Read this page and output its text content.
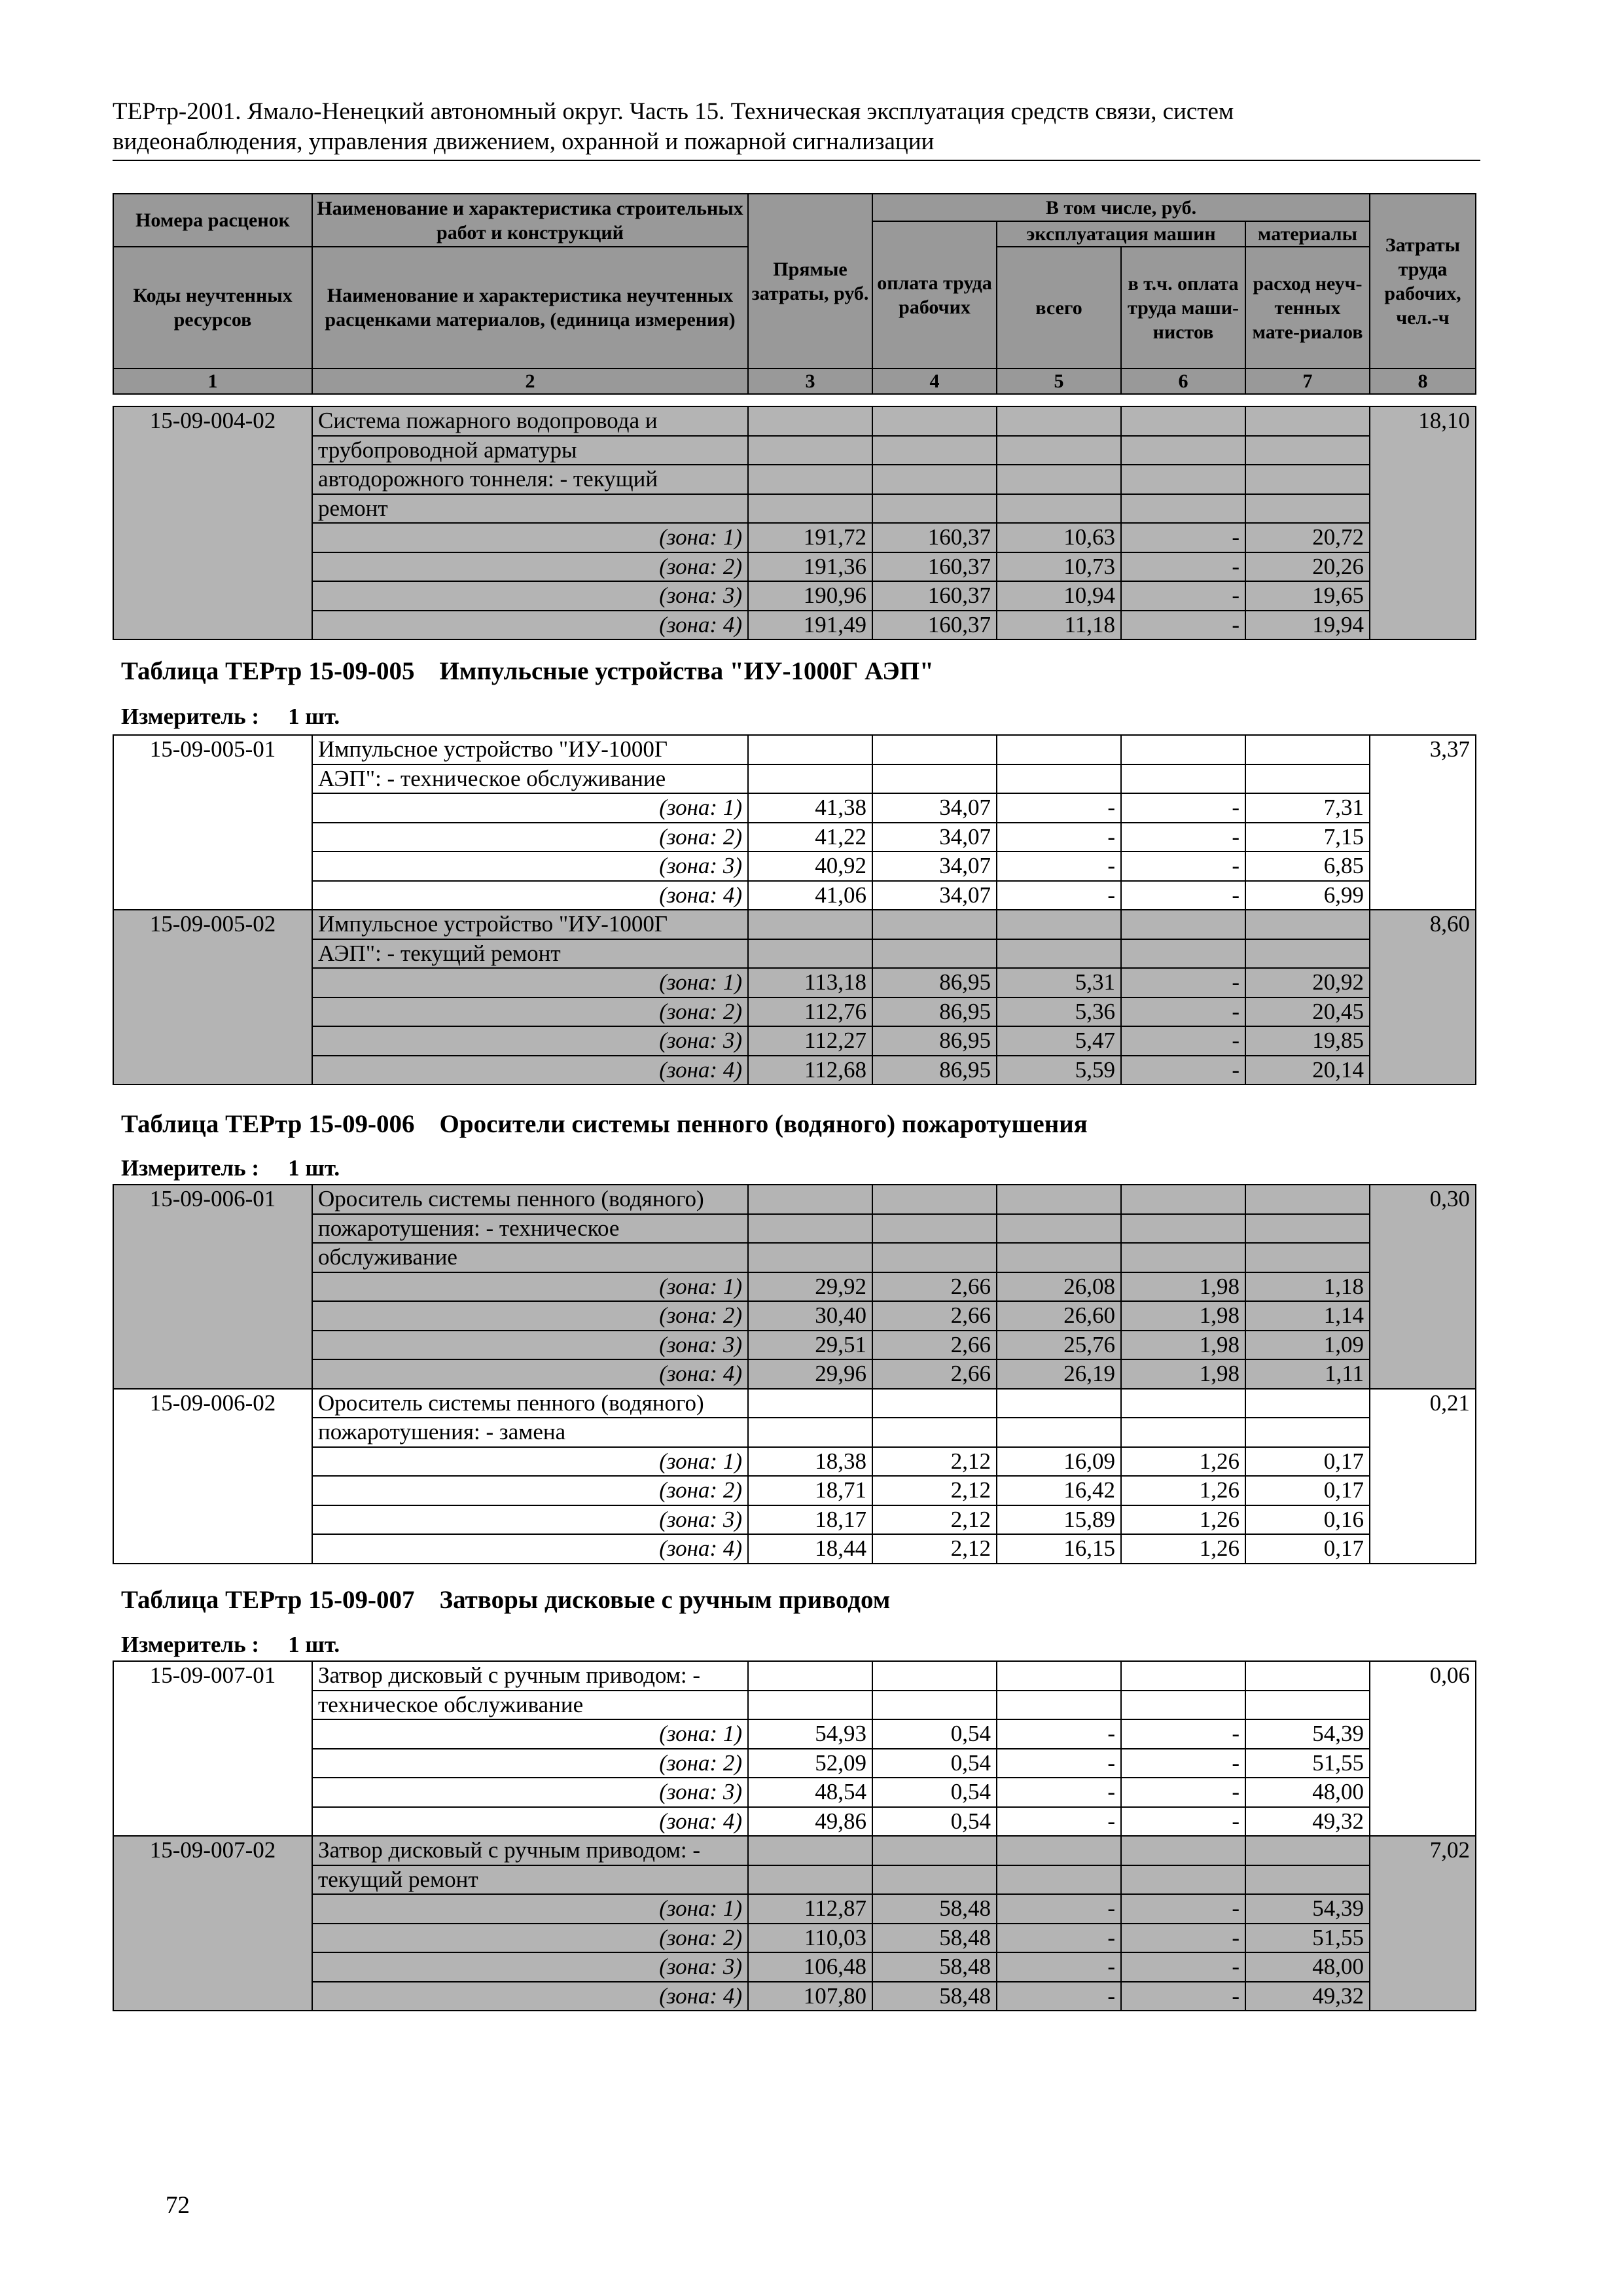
ТЕРтр-2001. Ямало-Ненецкий автономный округ. Часть 15. Техническая эксплуатация средств связи, систем
видеонаблюдения, управления движением, охранной и пожарной сигнализации
Номера расценок	Наименование и характеристика строительных работ и конструкций	Прямые затраты, руб.	В том числе, руб.				Затраты труда рабочих, чел.-ч
			оплата труда рабочих	эксплуатация машин		материалы	
Коды неучтенных ресурсов	Наименование и характеристика неучтенных расценками материалов, (единица измерения)			всего	в т.ч. оплата труда маши-нистов	расход неуч-тенных мате-риалов	

1	2	3	4	5	6	7	8
15-09-004-02	Система пожарного водопровода и						18,10
	трубопроводной арматуры						
	автодорожного тоннеля: - текущий						
	ремонт						
	(зона: 1)	191,72	160,37	10,63	-	20,72	
	(зона: 2)	191,36	160,37	10,73	-	20,26	
	(зона: 3)	190,96	160,37	10,94	-	19,65	
	(зона: 4)	191,49	160,37	11,18	-	19,94	
Таблица ТЕРтр 15-09-005 Импульсные устройства "ИУ-1000Г АЭП"
Измеритель : 1 шт.
15-09-005-01	Импульсное устройство "ИУ-1000Г						3,37
	АЭП": - техническое обслуживание						
	(зона: 1)	41,38	34,07	-	-	7,31	
	(зона: 2)	41,22	34,07	-	-	7,15	
	(зона: 3)	40,92	34,07	-	-	6,85	
	(зона: 4)	41,06	34,07	-	-	6,99	
15-09-005-02	Импульсное устройство "ИУ-1000Г						8,60
	АЭП": - текущий ремонт						
	(зона: 1)	113,18	86,95	5,31	-	20,92	
	(зона: 2)	112,76	86,95	5,36	-	20,45	
	(зона: 3)	112,27	86,95	5,47	-	19,85	
	(зона: 4)	112,68	86,95	5,59	-	20,14	
Таблица ТЕРтр 15-09-006 Оросители системы пенного (водяного) пожаротушения
Измеритель : 1 шт.
15-09-006-01	Ороситель системы пенного (водяного)						0,30
	пожаротушения: - техническое						
	обслуживание						
	(зона: 1)	29,92	2,66	26,08	1,98	1,18	
	(зона: 2)	30,40	2,66	26,60	1,98	1,14	
	(зона: 3)	29,51	2,66	25,76	1,98	1,09	
	(зона: 4)	29,96	2,66	26,19	1,98	1,11	
15-09-006-02	Ороситель системы пенного (водяного)						0,21
	пожаротушения: - замена						
	(зона: 1)	18,38	2,12	16,09	1,26	0,17	
	(зона: 2)	18,71	2,12	16,42	1,26	0,17	
	(зона: 3)	18,17	2,12	15,89	1,26	0,16	
	(зона: 4)	18,44	2,12	16,15	1,26	0,17	
Таблица ТЕРтр 15-09-007 Затворы дисковые с ручным приводом
Измеритель : 1 шт.
15-09-007-01	Затвор дисковый с ручным приводом: -						0,06
	техническое обслуживание						
	(зона: 1)	54,93	0,54	-	-	54,39	
	(зона: 2)	52,09	0,54	-	-	51,55	
	(зона: 3)	48,54	0,54	-	-	48,00	
	(зона: 4)	49,86	0,54	-	-	49,32	
15-09-007-02	Затвор дисковый с ручным приводом: -						7,02
	текущий ремонт						
	(зона: 1)	112,87	58,48	-	-	54,39	
	(зона: 2)	110,03	58,48	-	-	51,55	
	(зона: 3)	106,48	58,48	-	-	48,00	
	(зона: 4)	107,80	58,48	-	-	49,32	
72
